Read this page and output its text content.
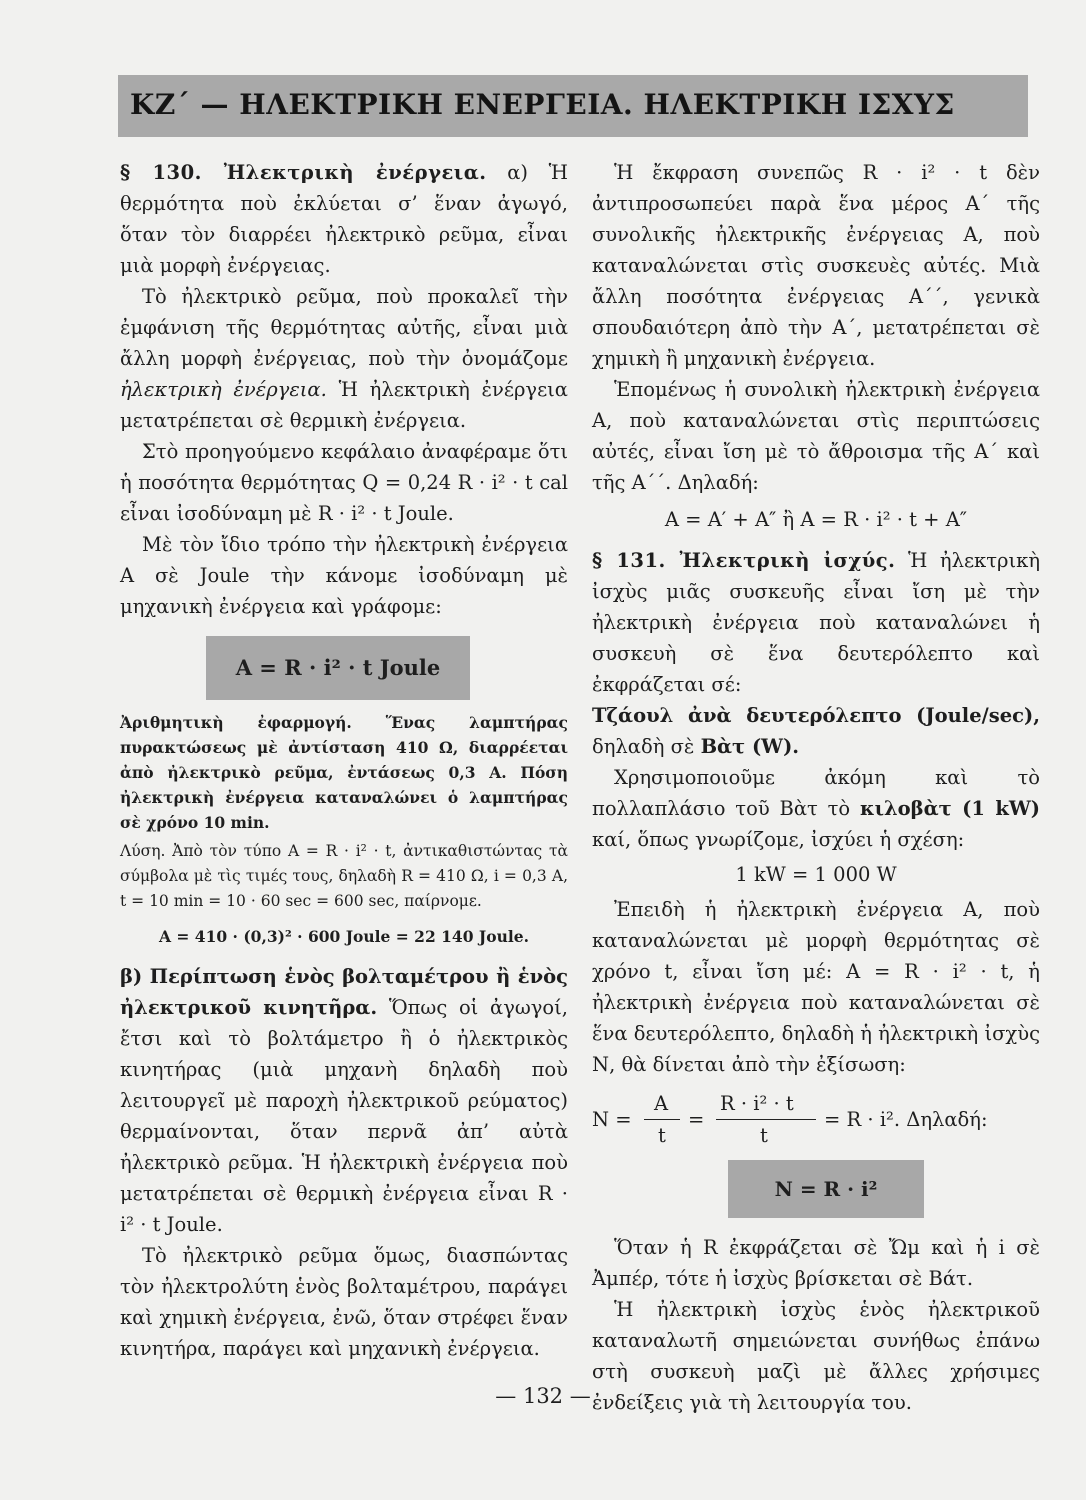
ΚΖ΄ — ΗΛΕΚΤΡΙΚΗ ΕΝΕΡΓΕΙΑ. ΗΛΕΚΤΡΙΚΗ ΙΣΧΥΣ

§ 130. Ἠλεκτρικὴ ἐνέργεια. α) Ἡ θερμότητα ποὺ ἐκλύεται σ’ ἕναν ἀγωγό, ὅταν τὸν διαρρέει ἠλεκτρικὸ ρεῦμα, εἶναι μιὰ μορφὴ ἐνέργειας.

Τὸ ἠλεκτρικὸ ρεῦμα, ποὺ προκαλεῖ τὴν ἐμφάνιση τῆς θερμότητας αὐτῆς, εἶναι μιὰ ἄλλη μορφὴ ἐνέργειας, ποὺ τὴν ὀνομάζομε ἠλεκτρικὴ ἐνέργεια. Ἡ ἠλεκτρικὴ ἐνέργεια μετατρέπεται σὲ θερμικὴ ἐνέργεια.

Στὸ προηγούμενο κεφάλαιο ἀναφέραμε ὅτι ἡ ποσότητα θερμότητας Q = 0,24 R · i² · t cal εἶναι ἰσοδύναμη μὲ R · i² · t Joule.

Μὲ τὸν ἴδιο τρόπο τὴν ἠλεκτρικὴ ἐνέργεια Α σὲ Joule τὴν κάνομε ἰσοδύναμη μὲ μηχανικὴ ἐνέργεια καὶ γράφομε:

A = R · i² · t Joule

Ἀριθμητικὴ ἐφαρμογή. Ἕνας λαμπτήρας πυρακτώσεως μὲ ἀντίσταση 410 Ω, διαρρέεται ἀπὸ ἠλεκτρικὸ ρεῦμα, ἐντάσεως 0,3 Α. Πόση ἠλεκτρικὴ ἐνέργεια καταναλώνει ὁ λαμπτήρας σὲ χρόνο 10 min.

Λύση. Ἀπὸ τὸν τύπο A = R · i² · t, ἀντικαθιστώντας τὰ σύμβολα μὲ τὶς τιμές τους, δηλαδὴ R = 410 Ω, i = 0,3 A, t = 10 min = 10 · 60 sec = 600 sec, παίρνομε.

A = 410 · (0,3)² · 600 Joule = 22 140 Joule.

β) Περίπτωση ἑνὸς βολταμέτρου ἢ ἑνὸς ἠλεκτρικοῦ κινητῆρα. Ὅπως οἱ ἀγωγοί, ἔτσι καὶ τὸ βολτάμετρο ἢ ὁ ἠλεκτρικὸς κινητήρας (μιὰ μηχανὴ δηλαδὴ ποὺ λειτουργεῖ μὲ παροχὴ ἠλεκτρικοῦ ρεύματος) θερμαίνονται, ὅταν περνᾶ ἀπ’ αὐτὰ ἠλεκτρικὸ ρεῦμα. Ἡ ἠλεκτρικὴ ἐνέργεια ποὺ μετατρέπεται σὲ θερμικὴ ἐνέργεια εἶναι R · i² · t Joule.

Τὸ ἠλεκτρικὸ ρεῦμα ὅμως, διασπώντας τὸν ἠλεκτρολύτη ἑνὸς βολταμέτρου, παράγει καὶ χημικὴ ἐνέργεια, ἐνῶ, ὅταν στρέφει ἕναν κινητήρα, παράγει καὶ μηχανικὴ ἐνέργεια.

Ἡ ἔκφραση συνεπῶς R · i² · t δὲν ἀντιπροσωπεύει παρὰ ἕνα μέρος Α΄ τῆς συνολικῆς ἠλεκτρικῆς ἐνέργειας Α, ποὺ καταναλώνεται στὶς συσκευὲς αὐτές. Μιὰ ἄλλη ποσότητα ἐνέργειας Α΄΄, γενικὰ σπουδαιότερη ἀπὸ τὴν Α΄, μετατρέπεται σὲ χημικὴ ἢ μηχανικὴ ἐνέργεια.

Ἑπομένως ἡ συνολικὴ ἠλεκτρικὴ ἐνέργεια Α, ποὺ καταναλώνεται στὶς περιπτώσεις αὐτές, εἶναι ἴση μὲ τὸ ἄθροισμα τῆς Α΄ καὶ τῆς Α΄΄. Δηλαδή:

A = A′ + A″ ἢ A = R · i² · t + A″

§ 131. Ἠλεκτρικὴ ἰσχύς. Ἡ ἠλεκτρικὴ ἰσχὺς μιᾶς συσκευῆς εἶναι ἴση μὲ τὴν ἠλεκτρικὴ ἐνέργεια ποὺ καταναλώνει ἡ συσκευὴ σὲ ἕνα δευτερόλεπτο καὶ ἐκφράζεται σέ:

Τζάουλ ἀνὰ δευτερόλεπτο (Joule/sec), δηλαδὴ σὲ Βὰτ (W).

Χρησιμοποιοῦμε ἀκόμη καὶ τὸ πολλαπλάσιο τοῦ Βὰτ τὸ κιλοβὰτ (1 kW) καί, ὅπως γνωρίζομε, ἰσχύει ἡ σχέση:

1 kW = 1 000 W

Ἐπειδὴ ἡ ἠλεκτρικὴ ἐνέργεια Α, ποὺ καταναλώνεται μὲ μορφὴ θερμότητας σὲ χρόνο t, εἶναι ἴση μέ: A = R · i² · t, ἡ ἠλεκτρικὴ ἐνέργεια ποὺ καταναλώνεται σὲ ἕνα δευτερόλεπτο, δηλαδὴ ἡ ἠλεκτρικὴ ἰσχὺς Ν, θὰ δίνεται ἀπὸ τὴν ἐξίσωση:

N =
A
t
=
R · i² · t
t
= R · i². Δηλαδή:
N = R · i²

Ὅταν ἡ R ἐκφράζεται σὲ Ὤμ καὶ ἡ i σὲ Ἀμπέρ, τότε ἡ ἰσχὺς βρίσκεται σὲ Βάτ.

Ἡ ἠλεκτρικὴ ἰσχὺς ἑνὸς ἠλεκτρικοῦ καταναλωτῆ σημειώνεται συνήθως ἐπάνω στὴ συσκευὴ μαζὶ μὲ ἄλλες χρήσιμες ἐνδείξεις γιὰ τὴ λειτουργία του.

— 132 —
